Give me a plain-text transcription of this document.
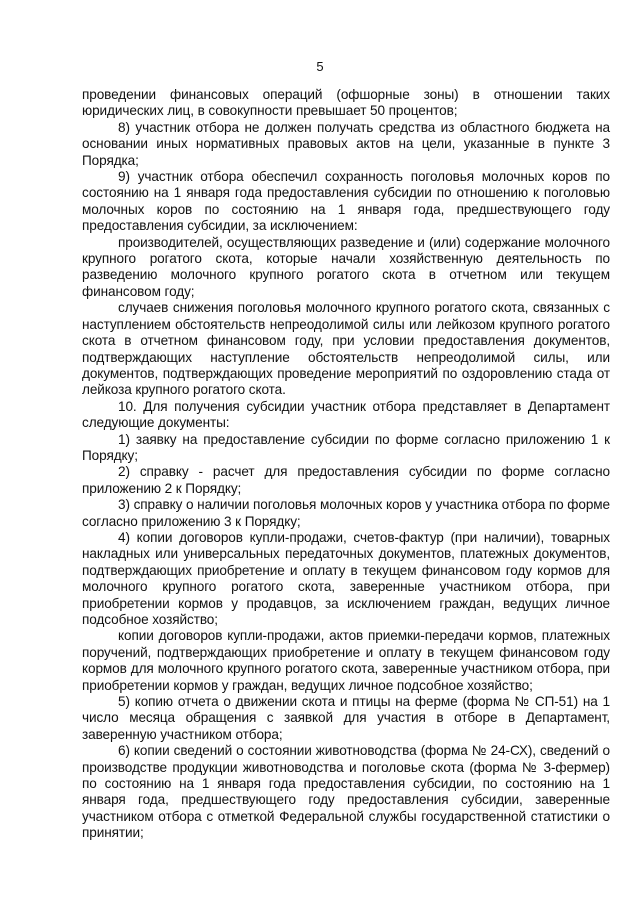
5

проведении финансовых операций (офшорные зоны) в отношении таких юридических лиц, в совокупности превышает 50 процентов;

8) участник отбора не должен получать средства из областного бюджета на основании иных нормативных правовых актов на цели, указанные в пункте 3 Порядка;

9) участник отбора обеспечил сохранность поголовья молочных коров по состоянию на 1 января года предоставления субсидии по отношению к поголовью молочных коров по состоянию на 1 января года, предшествующего году предоставления субсидии, за исключением:

производителей, осуществляющих разведение и (или) содержание молочного крупного рогатого скота, которые начали хозяйственную деятельность по разведению молочного крупного рогатого скота в отчетном или текущем финансовом году;

случаев снижения поголовья молочного крупного рогатого скота, связанных с наступлением обстоятельств непреодолимой силы или лейкозом крупного рогатого скота в отчетном финансовом году, при условии предоставления документов, подтверждающих наступление обстоятельств непреодолимой силы, или документов, подтверждающих проведение мероприятий по оздоровлению стада от лейкоза крупного рогатого скота.

10. Для получения субсидии участник отбора представляет в Департамент следующие документы:

1) заявку на предоставление субсидии по форме согласно приложению 1 к Порядку;

2) справку - расчет для предоставления субсидии по форме согласно приложению 2 к Порядку;

3) справку о наличии поголовья молочных коров у участника отбора по форме согласно приложению 3 к Порядку;

4) копии договоров купли-продажи, счетов-фактур (при наличии), товарных накладных или универсальных передаточных документов, платежных документов, подтверждающих приобретение и оплату в текущем финансовом году кормов для молочного крупного рогатого скота, заверенные участником отбора, при приобретении кормов у продавцов, за исключением граждан, ведущих личное подсобное хозяйство;

копии договоров купли-продажи, актов приемки-передачи кормов, платежных поручений, подтверждающих приобретение и оплату в текущем финансовом году кормов для молочного крупного рогатого скота, заверенные участником отбора, при приобретении кормов у граждан, ведущих личное подсобное хозяйство;

5) копию отчета о движении скота и птицы на ферме (форма № СП-51) на 1 число месяца обращения с заявкой для участия в отборе в Департамент, заверенную участником отбора;

6) копии сведений о состоянии животноводства (форма № 24-СХ), сведений о производстве продукции животноводства и поголовье скота (форма № 3-фермер) по состоянию на 1 января года предоставления субсидии, по состоянию на 1 января года, предшествующего году предоставления субсидии, заверенные участником отбора с отметкой Федеральной службы государственной статистики о принятии;
